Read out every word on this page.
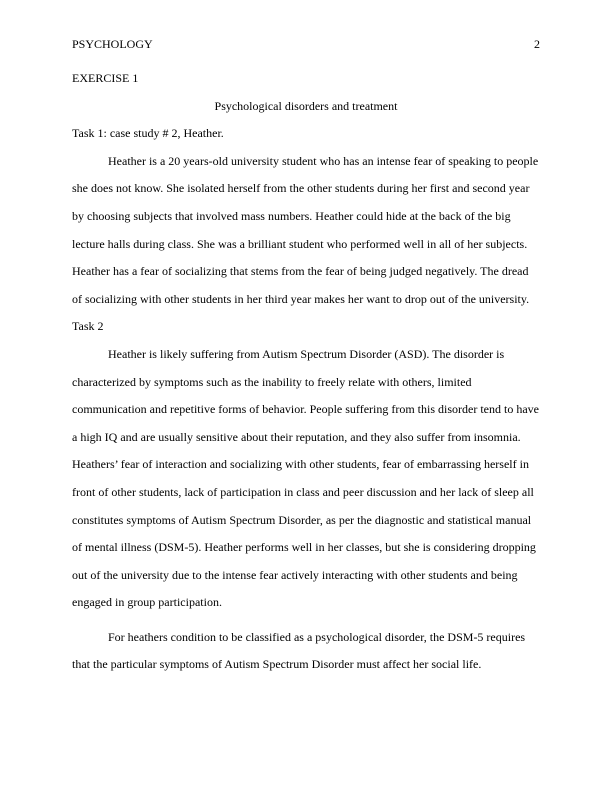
PSYCHOLOGY	2
EXERCISE 1
Psychological disorders and treatment
Task 1: case study # 2, Heather.

Heather is a 20 years-old university student who has an intense fear of speaking to people she does not know. She isolated herself from the other students during her first and second year by choosing subjects that involved mass numbers. Heather could hide at the back of the big lecture halls during class. She was a brilliant student who performed well in all of her subjects. Heather has a fear of socializing that stems from the fear of being judged negatively. The dread of socializing with other students in her third year makes her want to drop out of the university.

Task 2

Heather is likely suffering from Autism Spectrum Disorder (ASD). The disorder is characterized by symptoms such as the inability to freely relate with others, limited communication and repetitive forms of behavior. People suffering from this disorder tend to have a high IQ and are usually sensitive about their reputation, and they also suffer from insomnia. Heathers’ fear of interaction and socializing with other students, fear of embarrassing herself in front of other students, lack of participation in class and peer discussion and her lack of sleep all constitutes symptoms of Autism Spectrum Disorder, as per the diagnostic and statistical manual of mental illness (DSM-5). Heather performs well in her classes, but she is considering dropping out of the university due to the intense fear actively interacting with other students and being engaged in group participation.

For heathers condition to be classified as a psychological disorder, the DSM-5 requires that the particular symptoms of Autism Spectrum Disorder must affect her social life.
